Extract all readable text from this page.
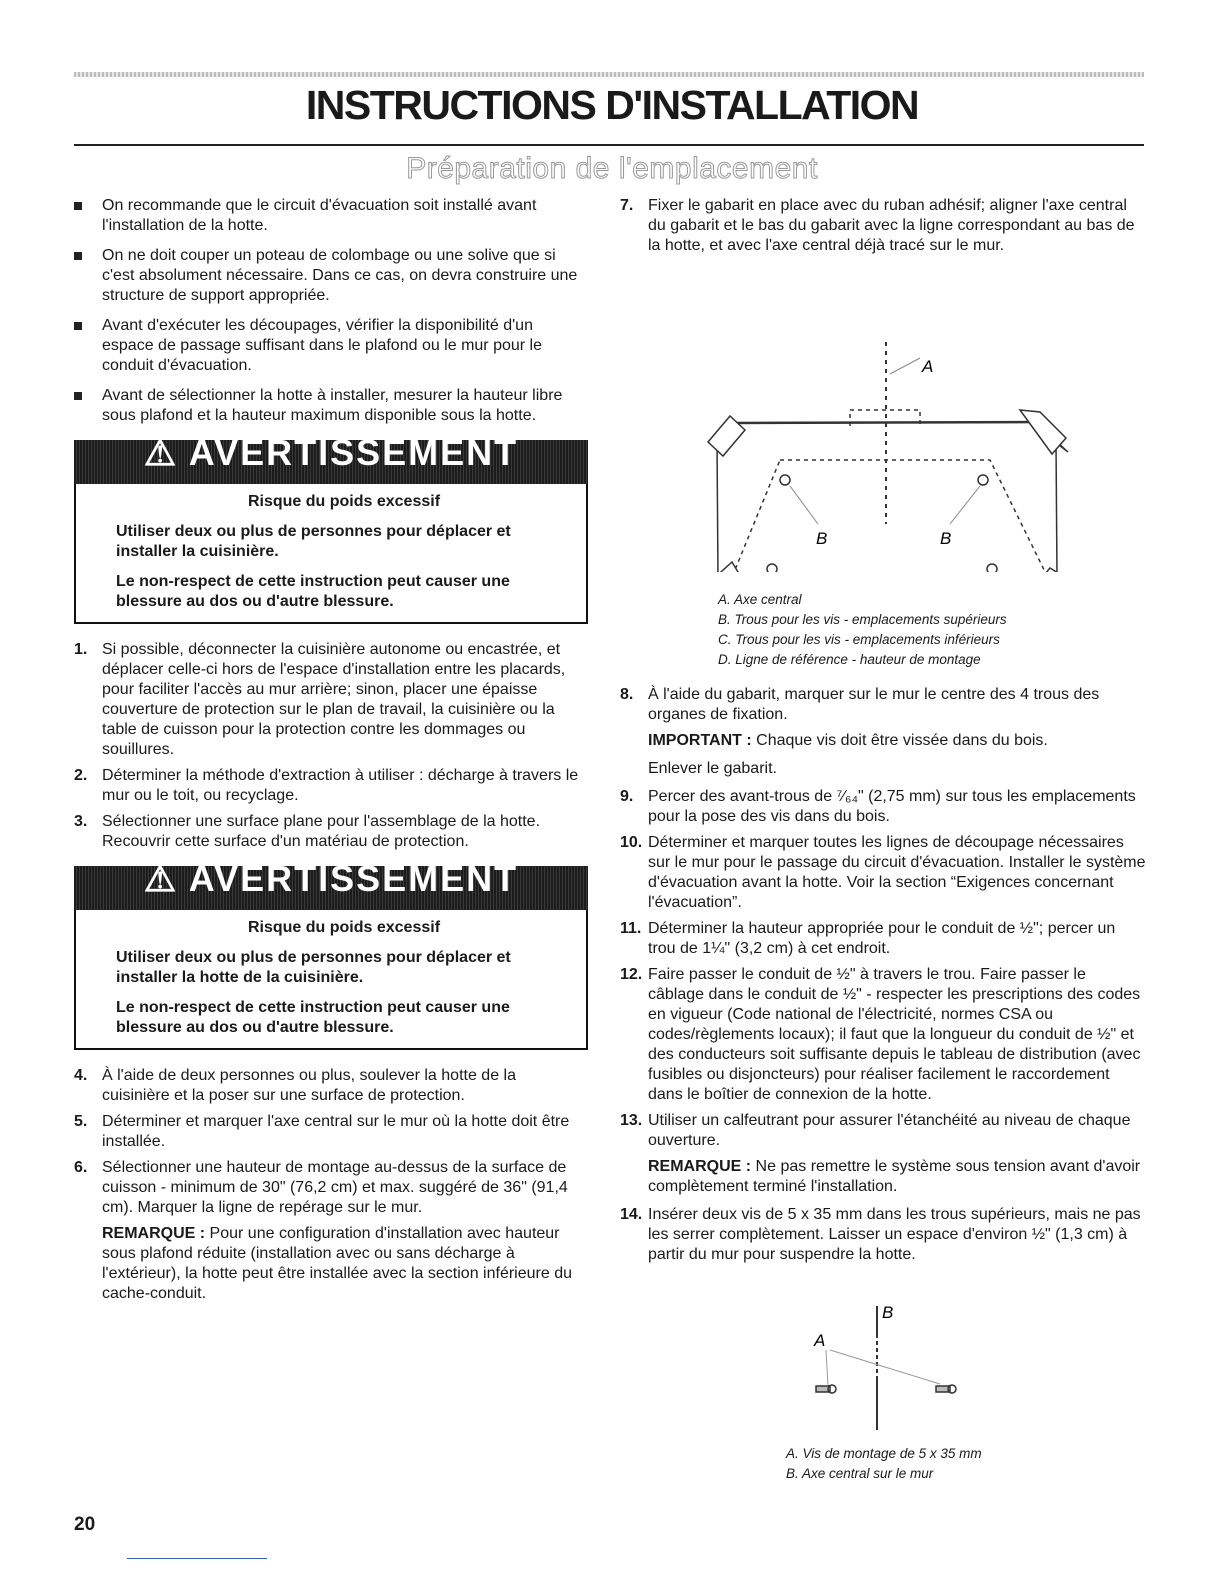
INSTRUCTIONS D'INSTALLATION
Préparation de l'emplacement
On recommande que le circuit d'évacuation soit installé avant l'installation de la hotte.
On ne doit couper un poteau de colombage ou une solive que si c'est absolument nécessaire. Dans ce cas, on devra construire une structure de support appropriée.
Avant d'exécuter les découpages, vérifier la disponibilité d'un espace de passage suffisant dans le plafond ou le mur pour le conduit d'évacuation.
Avant de sélectionner la hotte à installer, mesurer la hauteur libre sous plafond et la hauteur maximum disponible sous la hotte.
⚠ AVERTISSEMENT
Risque du poids excessif

Utiliser deux ou plus de personnes pour déplacer et installer la cuisinière.

Le non-respect de cette instruction peut causer une blessure au dos ou d'autre blessure.

1. Si possible, déconnecter la cuisinière autonome ou encastrée, et déplacer celle-ci hors de l'espace d'installation entre les placards, pour faciliter l'accès au mur arrière; sinon, placer une épaisse couverture de protection sur le plan de travail, la cuisinière ou la table de cuisson pour la protection contre les dommages ou souillures.
2. Déterminer la méthode d'extraction à utiliser : décharge à travers le mur ou le toit, ou recyclage.
3. Sélectionner une surface plane pour l'assemblage de la hotte. Recouvrir cette surface d'un matériau de protection.
⚠ AVERTISSEMENT
Risque du poids excessif

Utiliser deux ou plus de personnes pour déplacer et installer la hotte de la cuisinière.

Le non-respect de cette instruction peut causer une blessure au dos ou d'autre blessure.

4. À l'aide de deux personnes ou plus, soulever la hotte de la cuisinière et la poser sur une surface de protection.
5. Déterminer et marquer l'axe central sur le mur où la hotte doit être installée.
6. Sélectionner une hauteur de montage au-dessus de la surface de cuisson - minimum de 30" (76,2 cm) et max. suggéré de 36" (91,4 cm). Marquer la ligne de repérage sur le mur.
REMARQUE : Pour une configuration d'installation avec hauteur sous plafond réduite (installation avec ou sans décharge à l'extérieur), la hotte peut être installée avec la section inférieure du cache-conduit.
7. Fixer le gabarit en place avec du ruban adhésif; aligner l'axe central du gabarit et le bas du gabarit avec la ligne correspondant au bas de la hotte, et avec l'axe central déjà tracé sur le mur.
A
B	B
A. Axe central
B. Trous pour les vis - emplacements supérieurs
C. Trous pour les vis - emplacements inférieurs
D. Ligne de référence - hauteur de montage
8. À l'aide du gabarit, marquer sur le mur le centre des 4 trous des organes de fixation.
IMPORTANT : Chaque vis doit être vissée dans du bois.
Enlever le gabarit.
9. Percer des avant-trous de ⁷⁄₆₄" (2,75 mm) sur tous les emplacements pour la pose des vis dans du bois.
10. Déterminer et marquer toutes les lignes de découpage nécessaires sur le mur pour le passage du circuit d'évacuation. Installer le système d'évacuation avant la hotte. Voir la section “Exigences concernant l'évacuation”.
11. Déterminer la hauteur appropriée pour le conduit de ½"; percer un trou de 1¼" (3,2 cm) à cet endroit.
12. Faire passer le conduit de ½" à travers le trou. Faire passer le câblage dans le conduit de ½" - respecter les prescriptions des codes en vigueur (Code national de l'électricité, normes CSA ou codes/règlements locaux); il faut que la longueur du conduit de ½" et des conducteurs soit suffisante depuis le tableau de distribution (avec fusibles ou disjoncteurs) pour réaliser facilement le raccordement dans le boîtier de connexion de la hotte.
13. Utiliser un calfeutrant pour assurer l'étanchéité au niveau de chaque ouverture.
REMARQUE : Ne pas remettre le système sous tension avant d'avoir complètement terminé l'installation.
14. Insérer deux vis de 5 x 35 mm dans les trous supérieurs, mais ne pas les serrer complètement. Laisser un espace d'environ ½" (1,3 cm) à partir du mur pour suspendre la hotte.
B
A
A. Vis de montage de 5 x 35 mm
B. Axe central sur le mur
20
